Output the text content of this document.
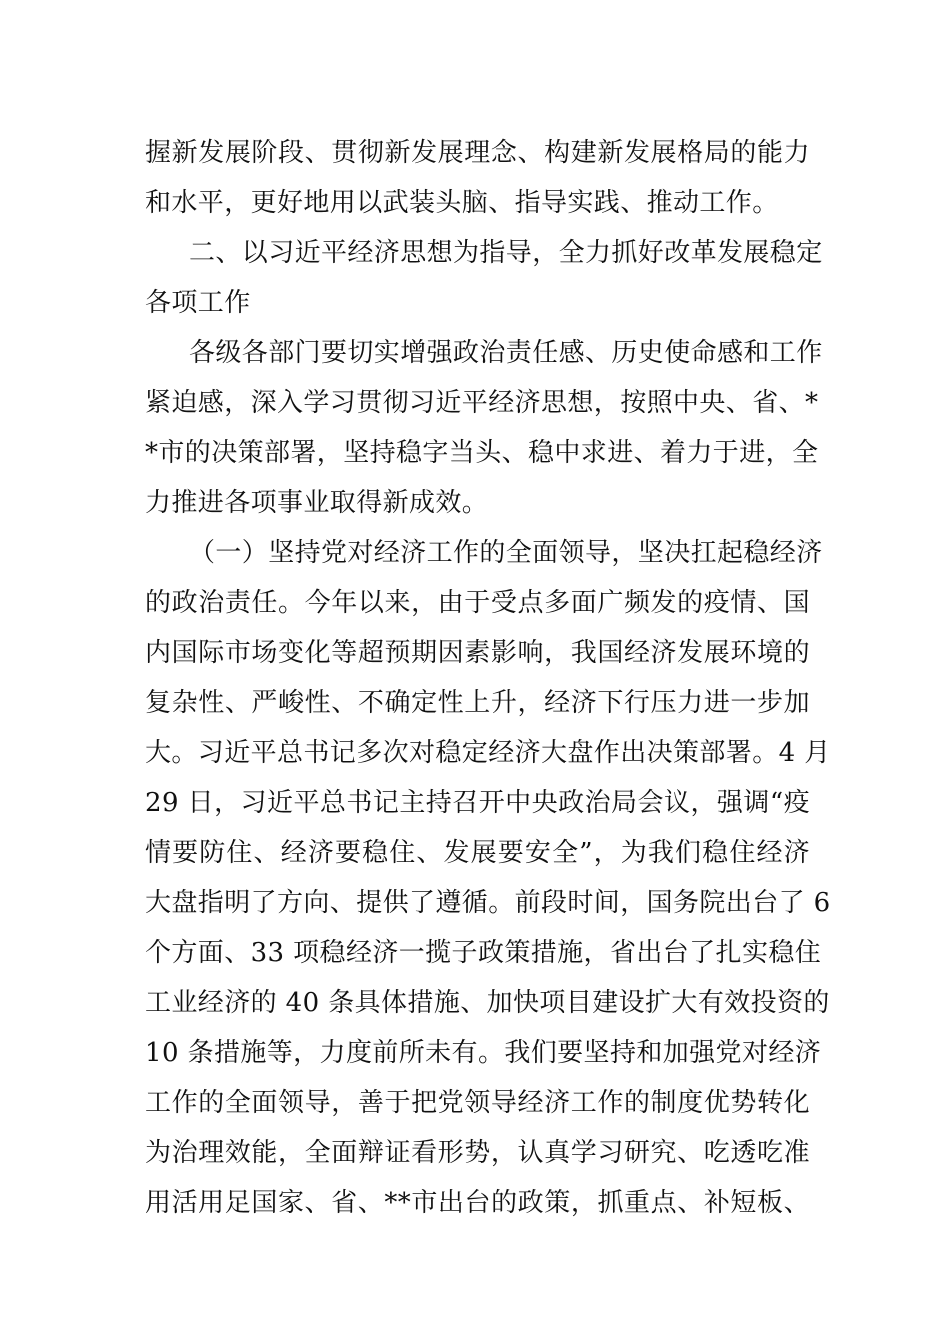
握新发展阶段、贯彻新发展理念、构建新发展格局的能力
和水平，更好地用以武装头脑、指导实践、推动工作。
二、以习近平经济思想为指导，全力抓好改革发展稳定
各项工作
各级各部门要切实增强政治责任感、历史使命感和工作
紧迫感，深入学习贯彻习近平经济思想，按照中央、省、*
*市的决策部署，坚持稳字当头、稳中求进、着力于进，全
力推进各项事业取得新成效。
（一）坚持党对经济工作的全面领导，坚决扛起稳经济
的政治责任。今年以来，由于受点多面广频发的疫情、国
内国际市场变化等超预期因素影响，我国经济发展环境的
复杂性、严峻性、不确定性上升，经济下行压力进一步加
大。习近平总书记多次对稳定经济大盘作出决策部署。4 月
29 日，习近平总书记主持召开中央政治局会议，强调“疫
情要防住、经济要稳住、发展要安全”，为我们稳住经济
大盘指明了方向、提供了遵循。前段时间，国务院出台了 6
个方面、33 项稳经济一揽子政策措施，省出台了扎实稳住
工业经济的 40 条具体措施、加快项目建设扩大有效投资的
10 条措施等，力度前所未有。我们要坚持和加强党对经济
工作的全面领导，善于把党领导经济工作的制度优势转化
为治理效能，全面辩证看形势，认真学习研究、吃透吃准
用活用足国家、省、**市出台的政策，抓重点、补短板、
